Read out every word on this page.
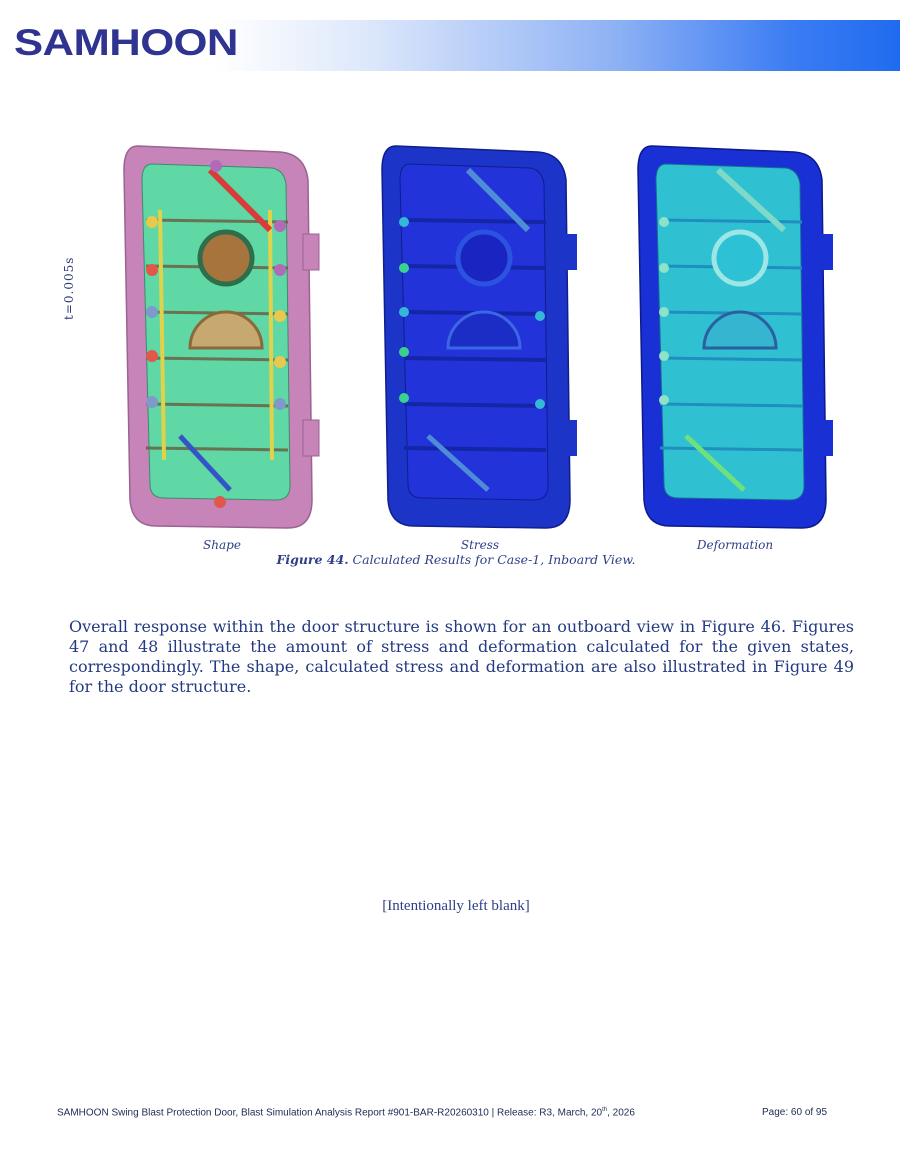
SAMHOON
t=0.005s
Shape	Stress	Deformation
Figure 44. Calculated Results for Case-1, Inboard View.
Overall response within the door structure is shown for an outboard view in Figure 46. Figures 47 and 48 illustrate the amount of stress and deformation calculated for the given states, correspondingly. The shape, calculated stress and deformation are also illustrated in Figure 49 for the door structure.
[Intentionally left blank]
SAMHOON Swing Blast Protection Door, Blast Simulation Analysis Report #901-BAR-R20260310 | Release: R3, March, 20th, 2026	Page: 60 of 95
